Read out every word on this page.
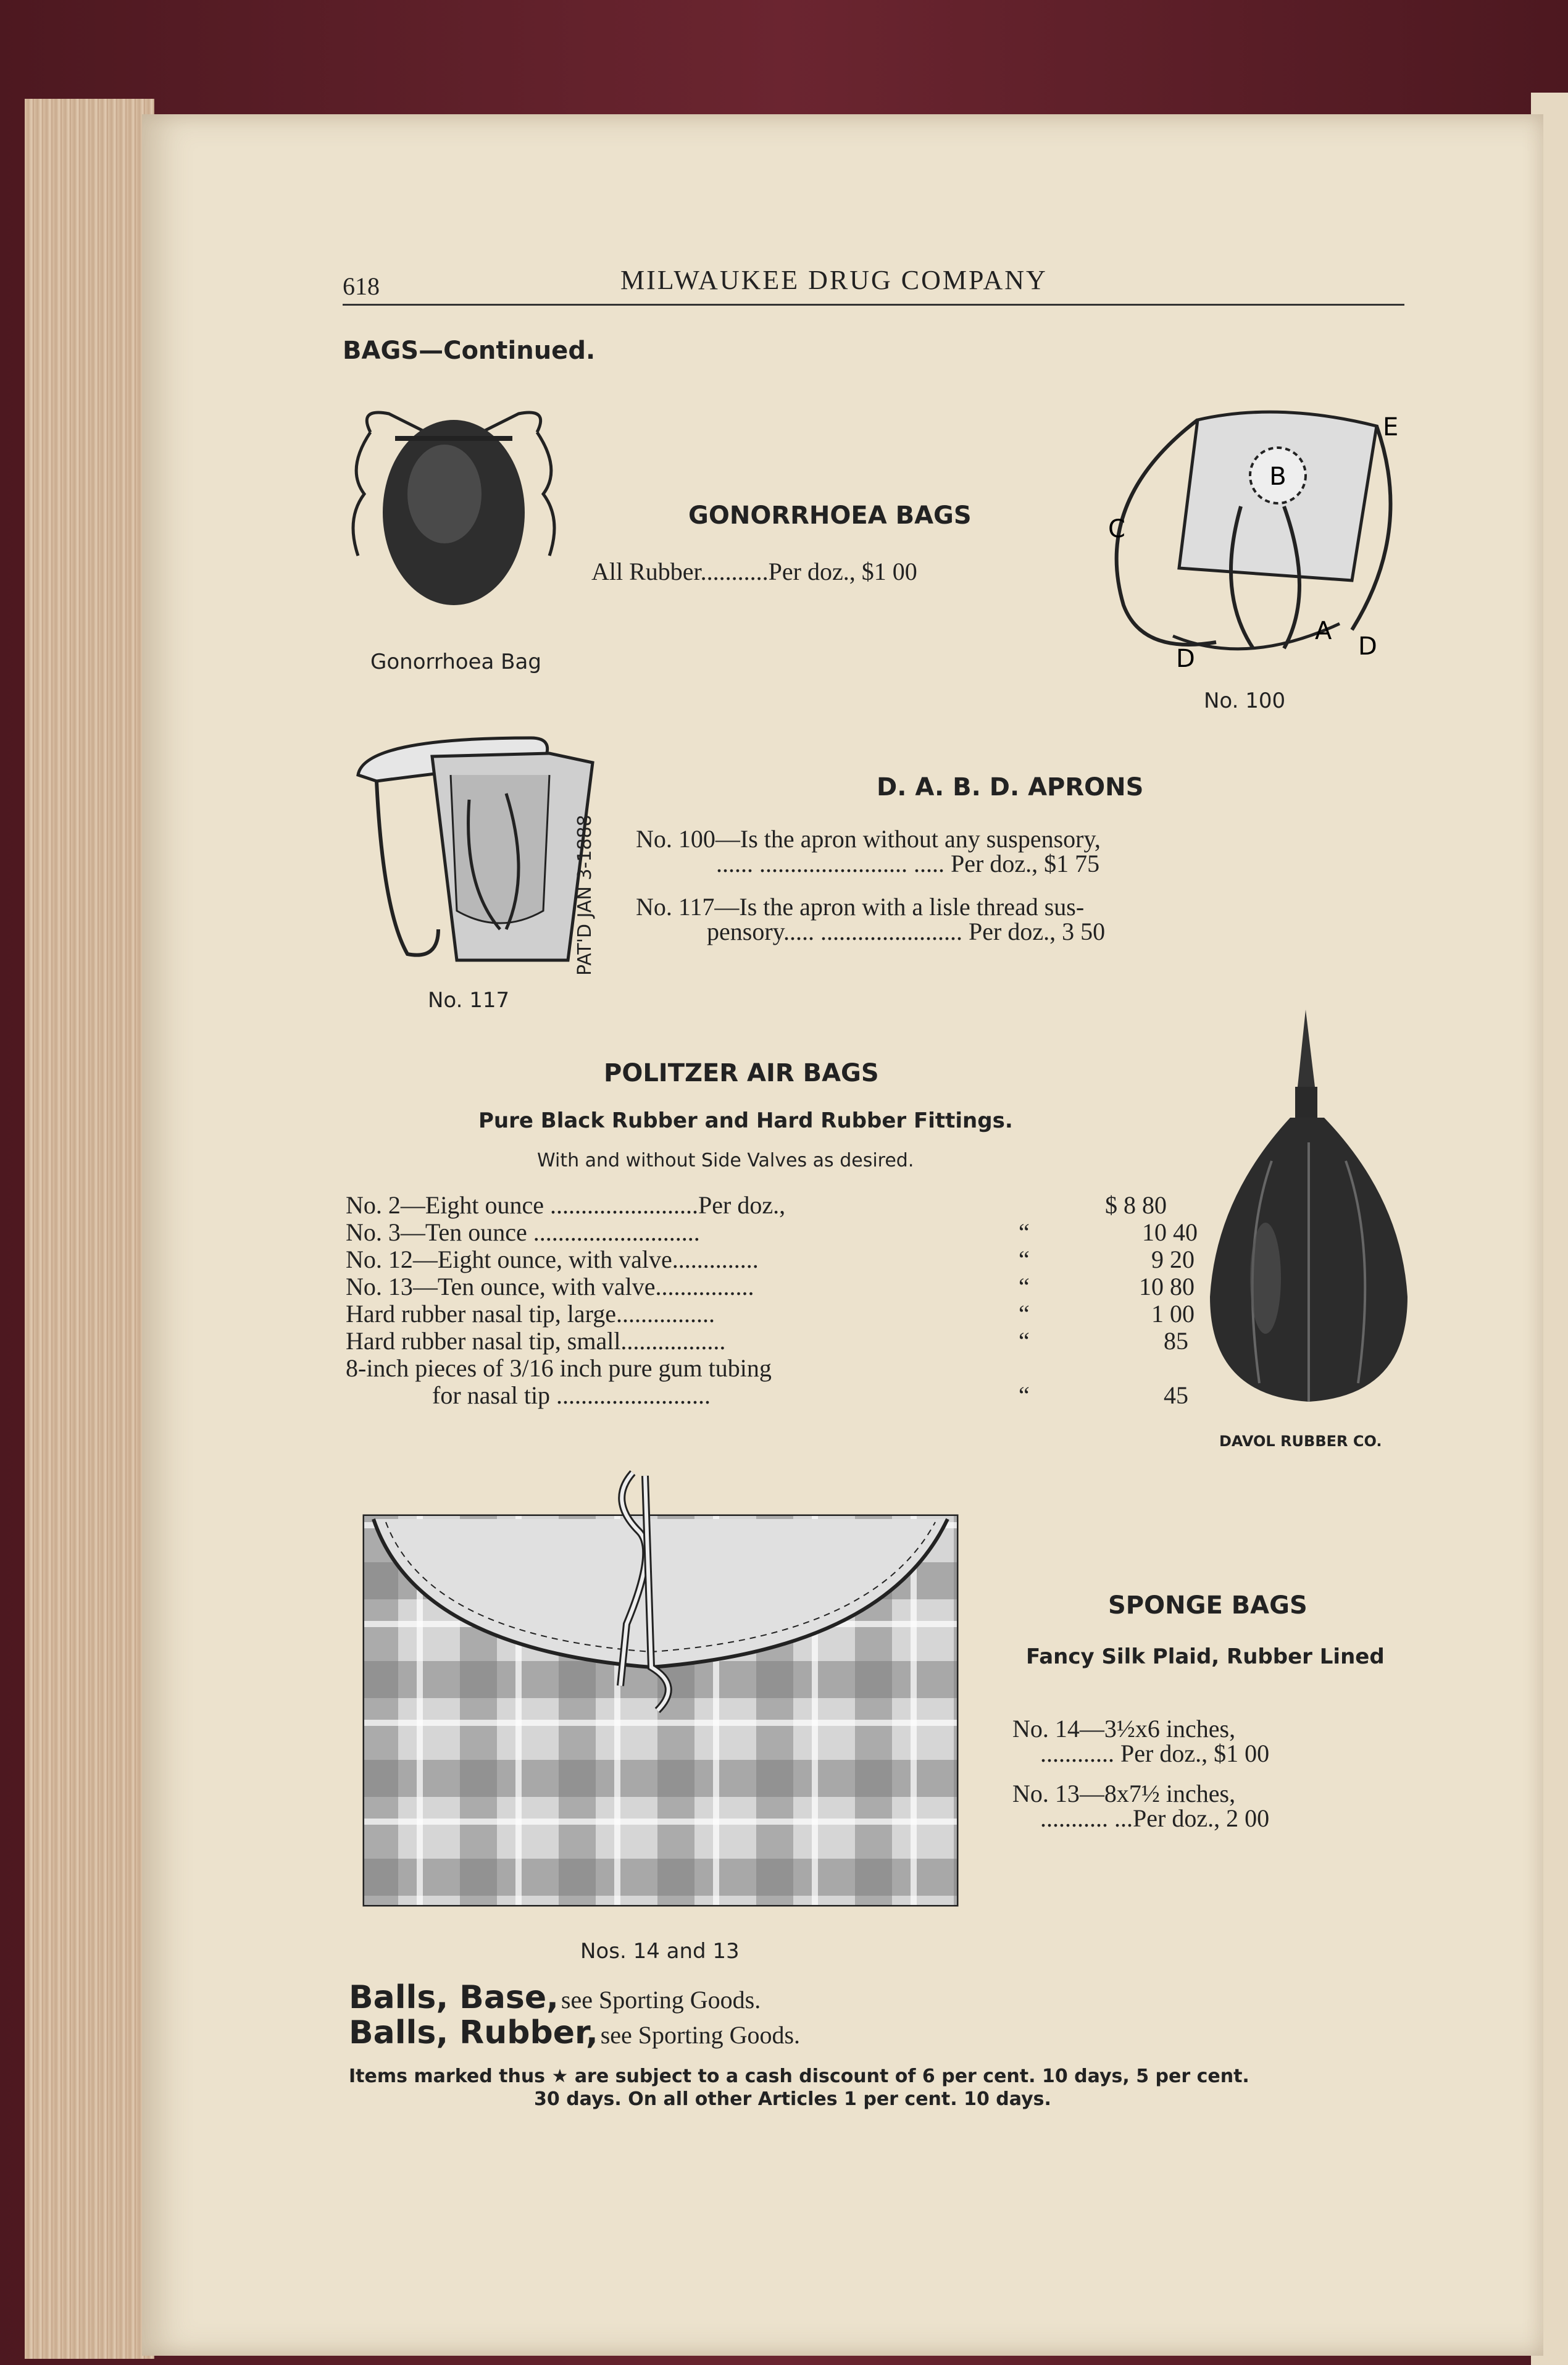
618	MILWAUKEE DRUG COMPANY
BAGS—Continued.
Gonorrhoea Bag
GONORRHOEA BAGS
All Rubber...........Per doz., $1 00
B
E
C
A
D
D
No. 100
PAT'D JAN 3-1888
No. 117
D. A. B. D. APRONS
No. 100—Is the apron without any suspensory,
...... ........................ ..... Per doz., $1 75
No. 117—Is the apron with a lisle thread sus-
pensory..... ....................... Per doz., 3 50
POLITZER AIR BAGS
Pure Black Rubber and Hard Rubber Fittings.
With and without Side Valves as desired.
No. 2—Eight ounce ........................Per doz.,	$ 8 80
No. 3—Ten ounce ...........................	“	10 40
No. 12—Eight ounce, with valve..............	“	9 20
No. 13—Ten ounce, with valve................	“	10 80
Hard rubber nasal tip, large................	“	1 00
Hard rubber nasal tip, small.................	“	85
8-inch pieces of 3/16 inch pure gum tubing
for nasal tip .........................	“	45
DAVOL RUBBER CO.
Nos. 14 and 13
SPONGE BAGS
Fancy Silk Plaid, Rubber Lined
No. 14—3½x6 inches,
............ Per doz., $1 00
No. 13—8x7½ inches,
........... ...Per doz., 2 00
Balls, Base, see Sporting Goods.
Balls, Rubber, see Sporting Goods.
Items marked thus ★ are subject to a cash discount of 6 per cent. 10 days, 5 per cent.
30 days. On all other Articles 1 per cent. 10 days.
